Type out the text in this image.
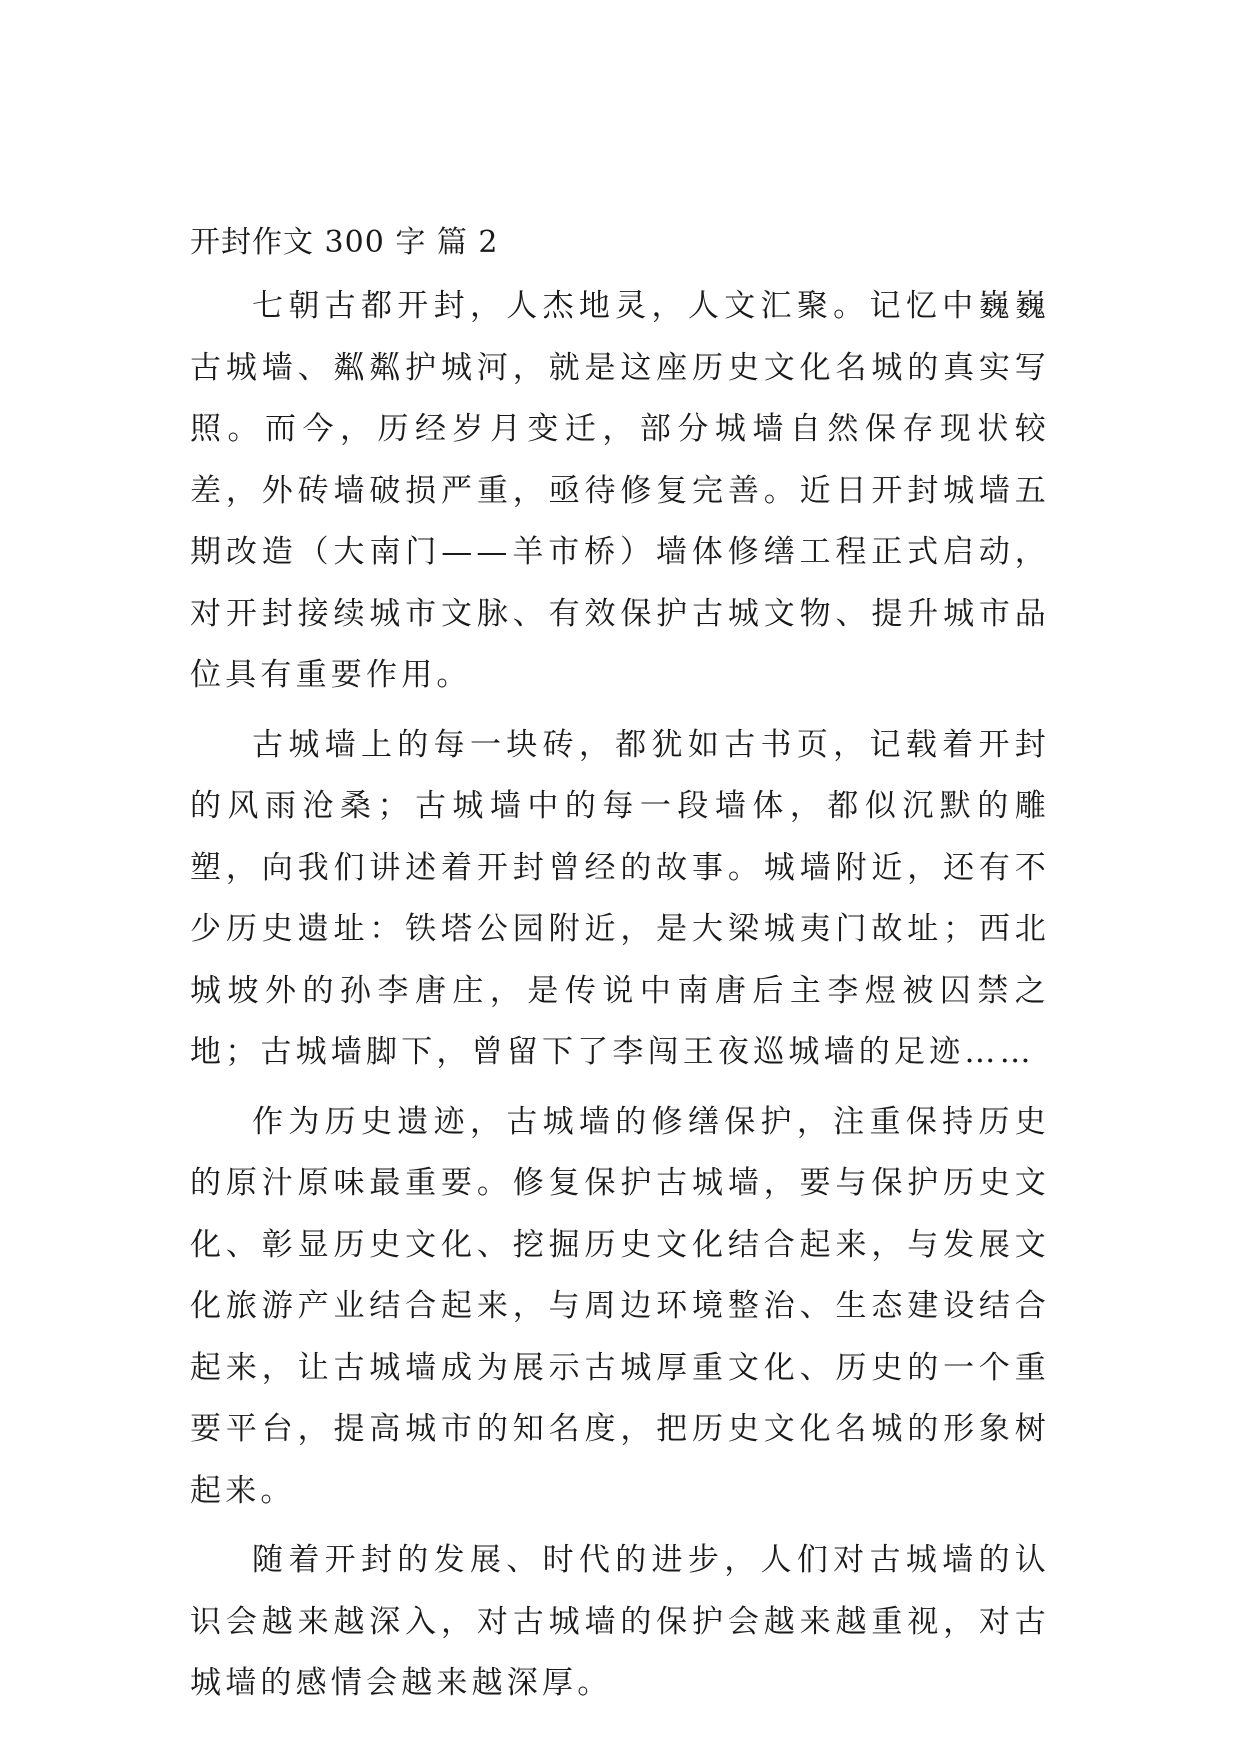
开封作文 300 字 篇 2

七朝古都开封，人杰地灵，人文汇聚。记忆中巍巍古城墙、粼粼护城河，就是这座历史文化名城的真实写照。而今，历经岁月变迁，部分城墙自然保存现状较差，外砖墙破损严重，亟待修复完善。近日开封城墙五期改造（大南门——羊市桥）墙体修缮工程正式启动，对开封接续城市文脉、有效保护古城文物、提升城市品位具有重要作用。

古城墙上的每一块砖，都犹如古书页，记载着开封的风雨沧桑；古城墙中的每一段墙体，都似沉默的雕塑，向我们讲述着开封曾经的故事。城墙附近，还有不少历史遗址：铁塔公园附近，是大梁城夷门故址；西北城坡外的孙李唐庄，是传说中南唐后主李煜被囚禁之地；古城墙脚下，曾留下了李闯王夜巡城墙的足迹……

作为历史遗迹，古城墙的修缮保护，注重保持历史的原汁原味最重要。修复保护古城墙，要与保护历史文化、彰显历史文化、挖掘历史文化结合起来，与发展文化旅游产业结合起来，与周边环境整治、生态建设结合起来，让古城墙成为展示古城厚重文化、历史的一个重要平台，提高城市的知名度，把历史文化名城的形象树起来。

随着开封的发展、时代的进步，人们对古城墙的认识会越来越深入，对古城墙的保护会越来越重视，对古城墙的感情会越来越深厚。
